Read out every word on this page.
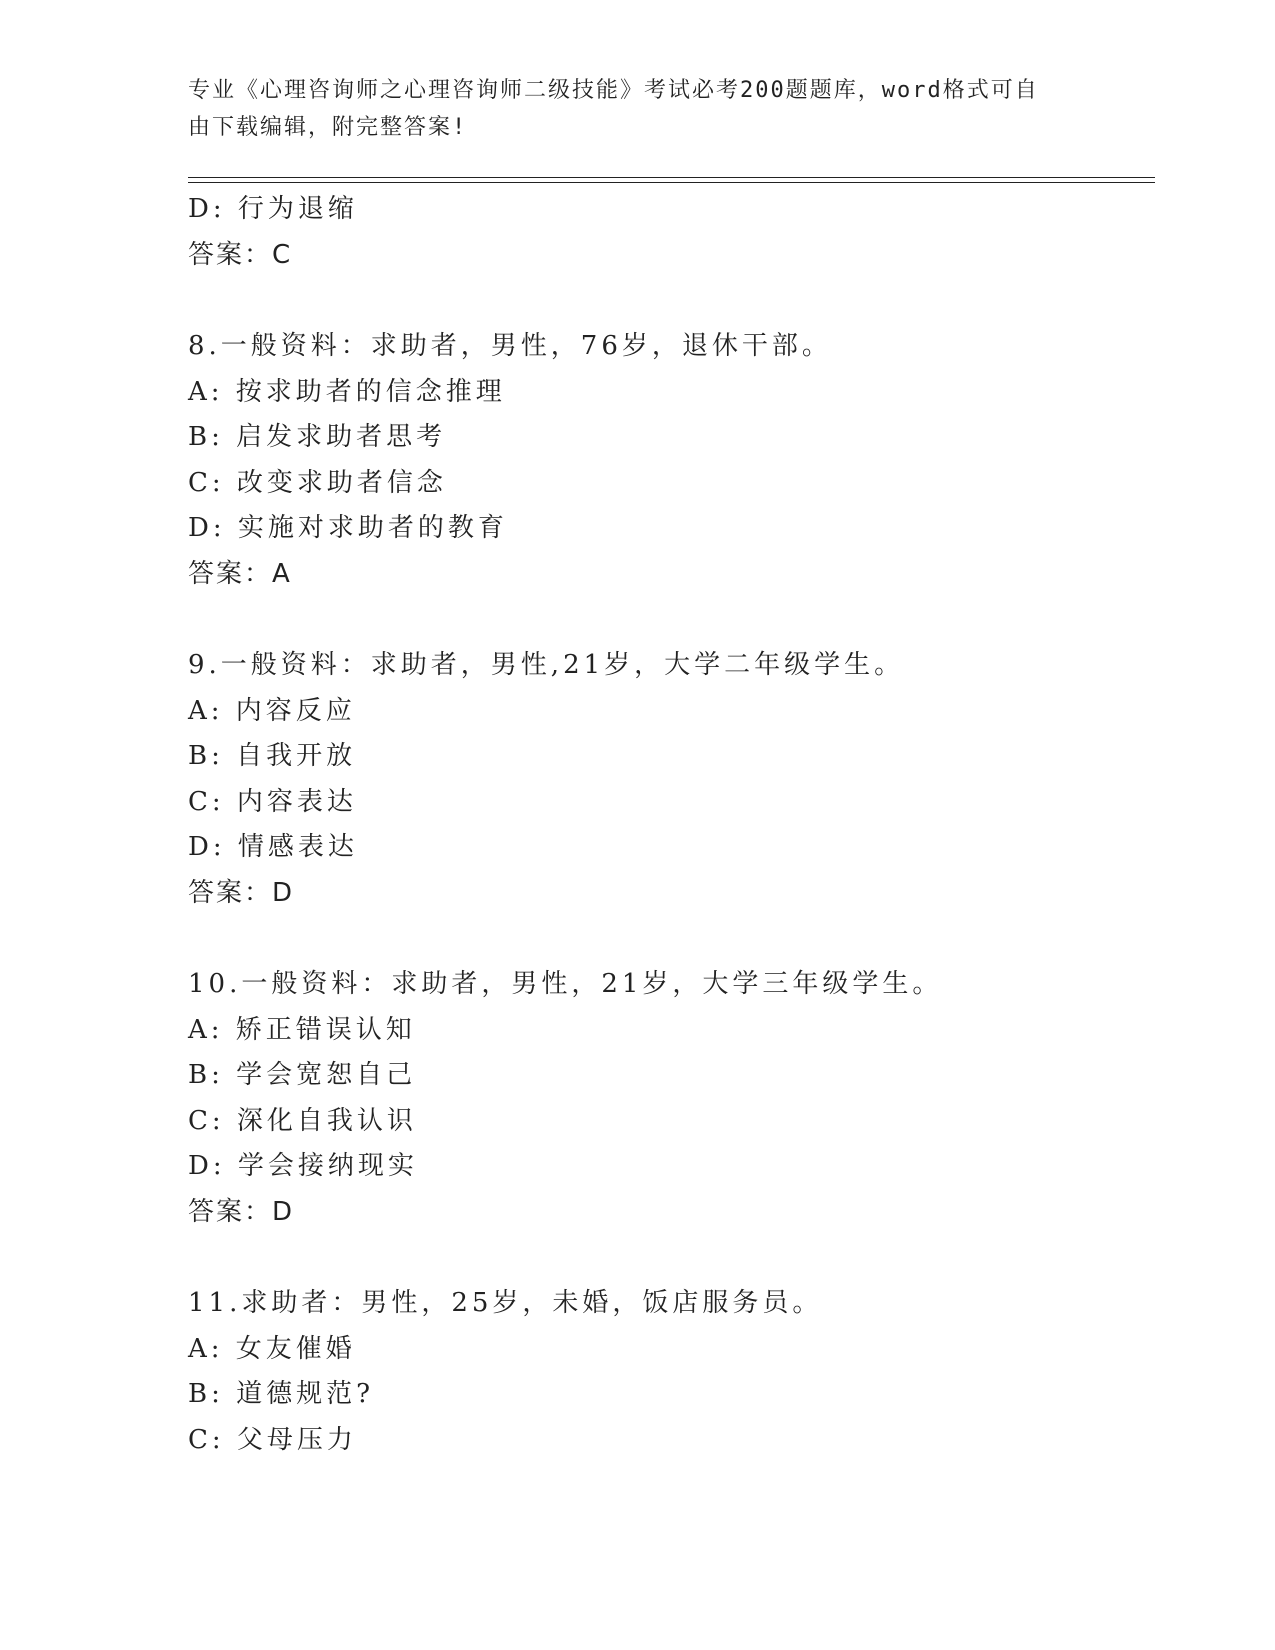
专业《心理咨询师之心理咨询师二级技能》考试必考200题题库，word格式可自
由下载编辑，附完整答案!
D: 行为退缩
答案：C
8.一般资料：求助者，男性，76岁，退休干部。
A: 按求助者的信念推理
B: 启发求助者思考
C: 改变求助者信念
D: 实施对求助者的教育
答案：A
9.一般资料：求助者，男性,21岁，大学二年级学生。
A: 内容反应
B: 自我开放
C: 内容表达
D: 情感表达
答案：D
10.一般资料：求助者，男性，21岁，大学三年级学生。
A: 矫正错误认知
B: 学会宽恕自己
C: 深化自我认识
D: 学会接纳现实
答案：D
11.求助者：男性，25岁，未婚，饭店服务员。
A: 女友催婚
B: 道德规范?
C: 父母压力
